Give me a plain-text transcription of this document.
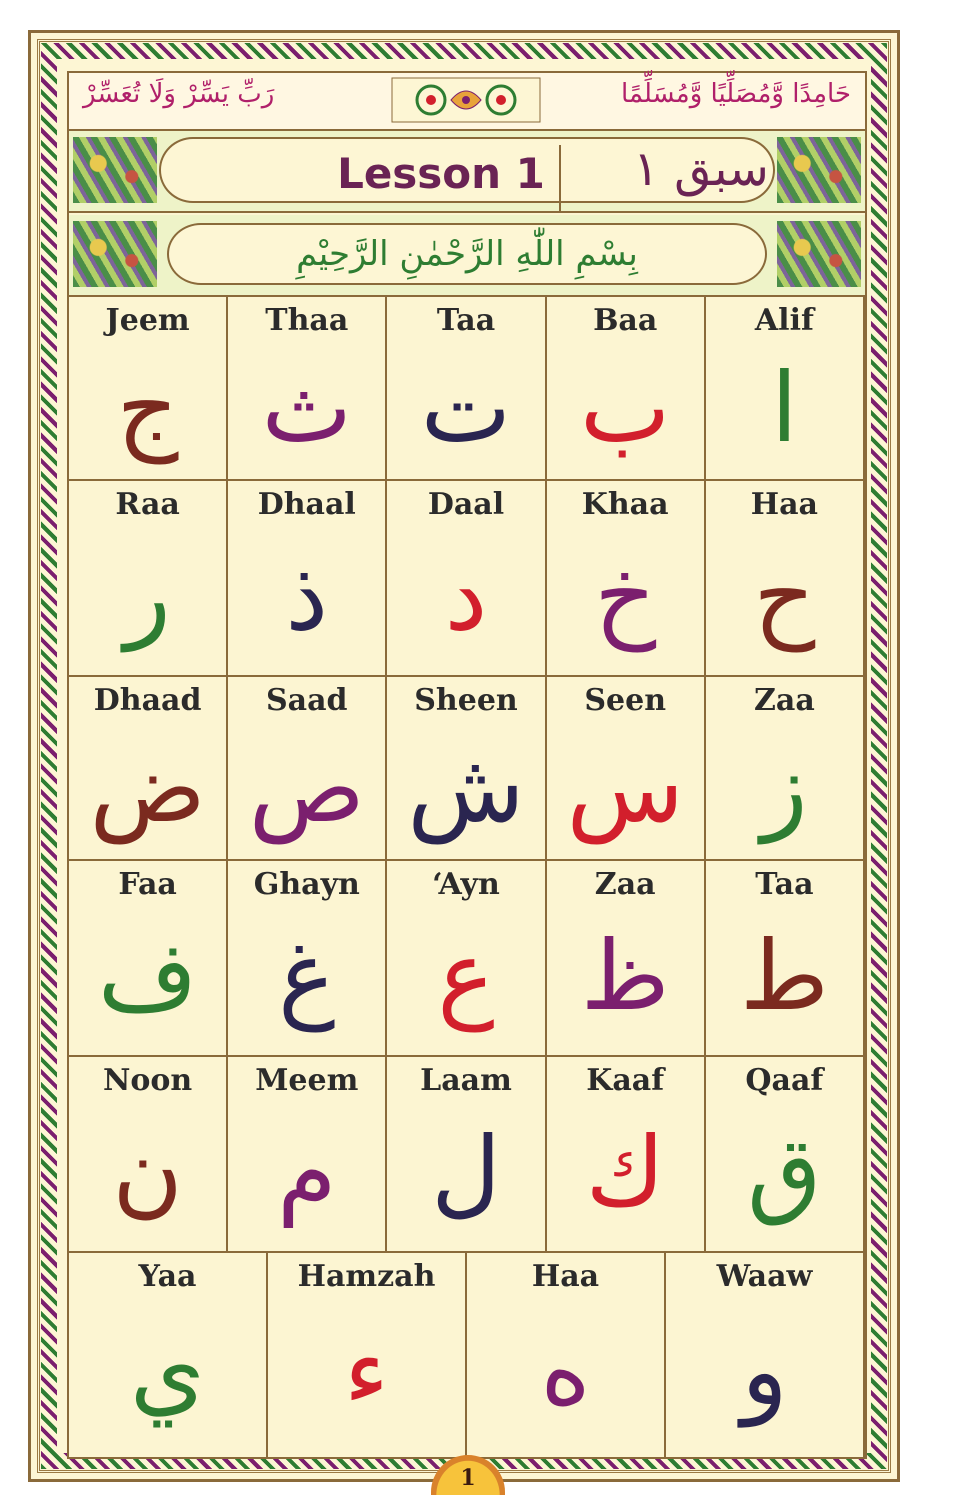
رَبِّ يَسِّرْ وَلَا تُعَسِّرْ	حَامِدًا وَّمُصَلِّيًا وَّمُسَلِّمًا
Lesson 1	سبق ١
بِسْمِ اللّٰهِ الرَّحْمٰنِ الرَّحِيْمِ
Jeem
ج
Thaa
ث
Taa
ت
Baa
ب
Alif
ا
Raa
ر
Dhaal
ذ
Daal
د
Khaa
خ
Haa
ح
Dhaad
ض
Saad
ص
Sheen
ش
Seen
س
Zaa
ز
Faa
ف
Ghayn
غ
‘Ayn
ع
Zaa
ظ
Taa
ط
Noon
ن
Meem
م
Laam
ل
Kaaf
ك
Qaaf
ق
Yaa
ي
Hamzah
ء
Haa
ه
Waaw
و
1
